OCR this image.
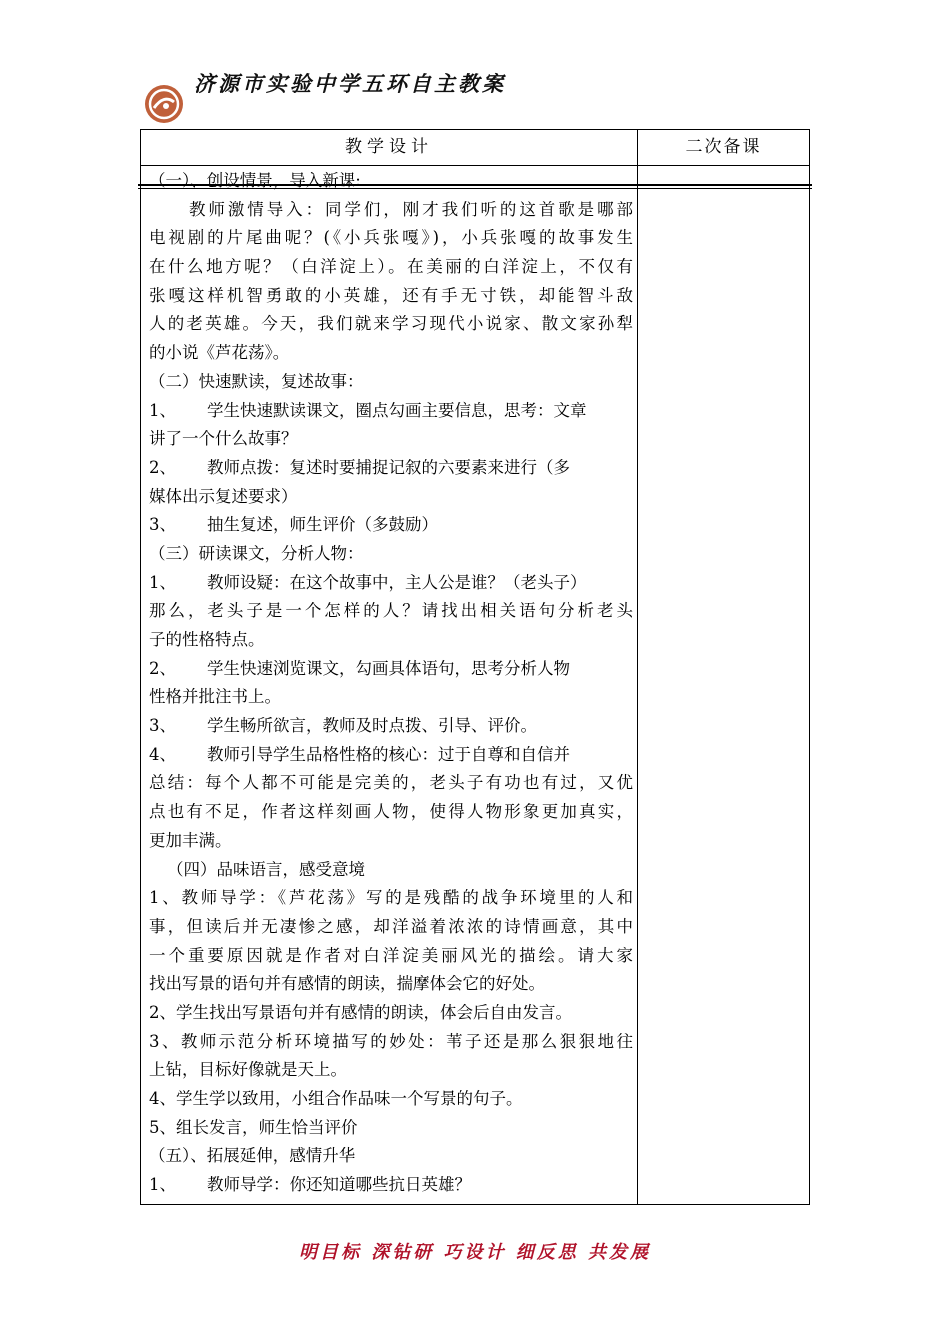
济源市实验中学五环自主教案
教学设计	二次备课
（一）、创设情景，导入新课:
教师激情导入：同学们，刚才我们听的这首歌是哪部
电视剧的片尾曲呢？(《小兵张嘎》)，小兵张嘎的故事发生
在什么地方呢？（白洋淀上）。在美丽的白洋淀上，不仅有
张嘎这样机智勇敢的小英雄，还有手无寸铁，却能智斗敌
人的老英雄。今天，我们就来学习现代小说家、散文家孙犁
的小说《芦花荡》。
（二）快速默读，复述故事：
1、 学生快速默读课文，圈点勾画主要信息，思考：文章
讲了一个什么故事？
2、 教师点拨：复述时要捕捉记叙的六要素来进行（多
媒体出示复述要求）
3、 抽生复述，师生评价（多鼓励）
（三）研读课文，分析人物：
1、 教师设疑：在这个故事中，主人公是谁？（老头子）
那么，老头子是一个怎样的人？请找出相关语句分析老头
子的性格特点。
2、 学生快速浏览课文，勾画具体语句，思考分析人物
性格并批注书上。
3、 学生畅所欲言，教师及时点拨、引导、评价。
4、 教师引导学生品格性格的核心：过于自尊和自信并
总结：每个人都不可能是完美的，老头子有功也有过，又优
点也有不足，作者这样刻画人物，使得人物形象更加真实，
更加丰满。
（四）品味语言，感受意境
1、教师导学：《芦花荡》写的是残酷的战争环境里的人和
事，但读后并无凄惨之感，却洋溢着浓浓的诗情画意，其中
一个重要原因就是作者对白洋淀美丽风光的描绘。请大家
找出写景的语句并有感情的朗读，揣摩体会它的好处。
2、学生找出写景语句并有感情的朗读，体会后自由发言。
3、教师示范分析环境描写的妙处：苇子还是那么狠狠地往
上钻，目标好像就是天上。
4、学生学以致用，小组合作品味一个写景的句子。
5、组长发言，师生恰当评价
（五）、拓展延伸，感情升华
1、 教师导学：你还知道哪些抗日英雄？
明目标 深钻研 巧设计 细反思 共发展
